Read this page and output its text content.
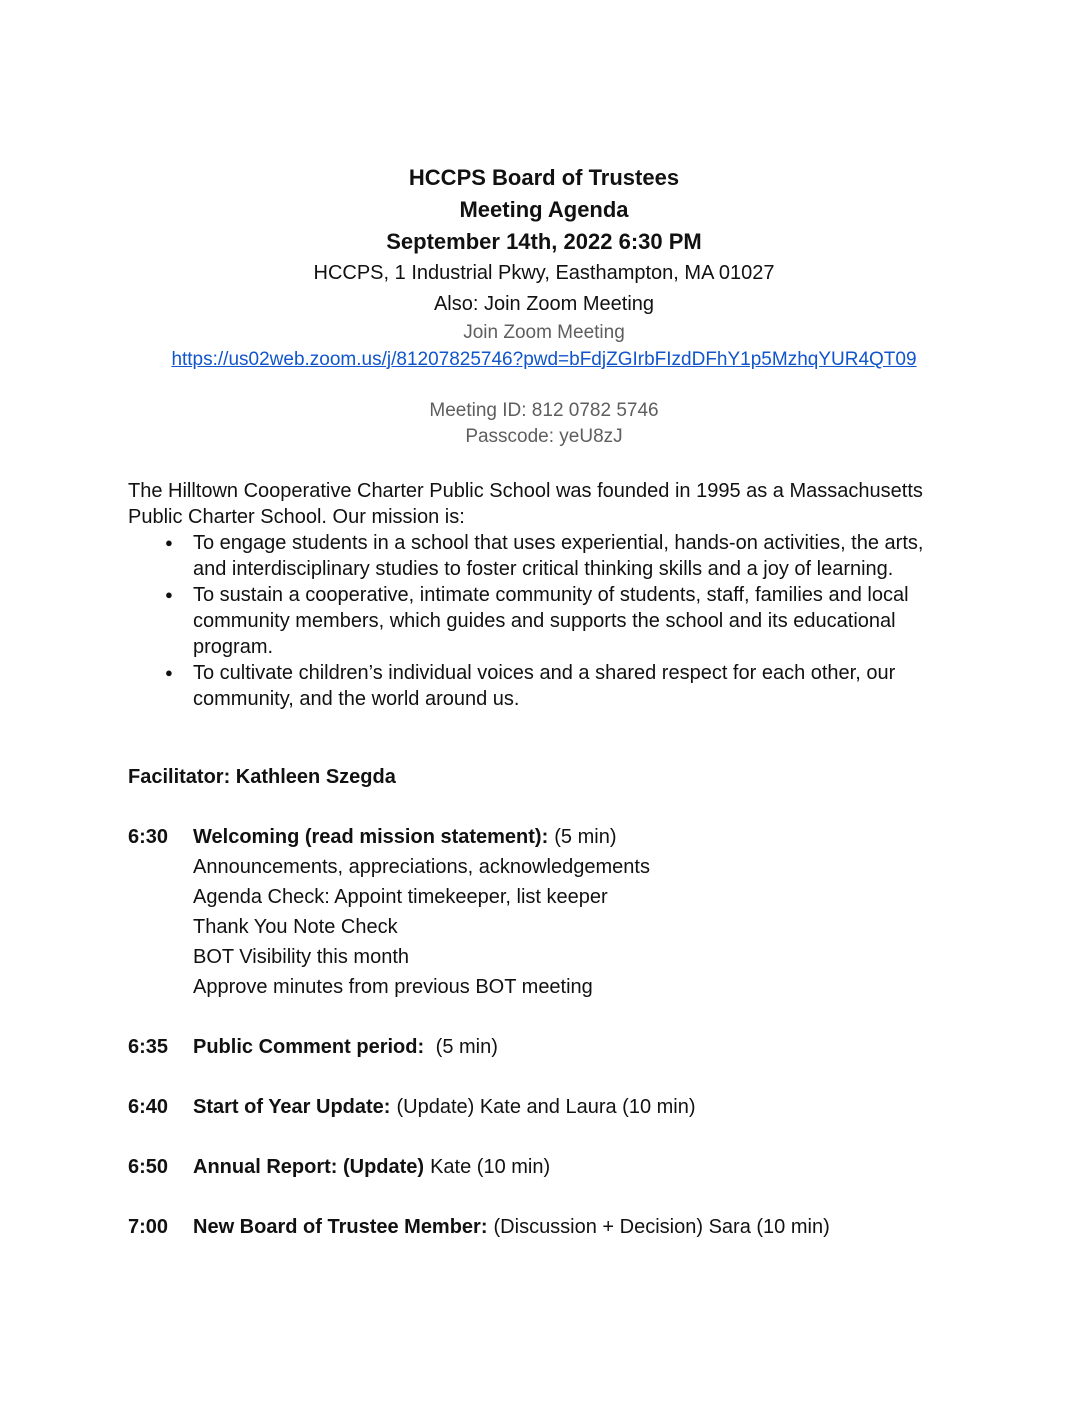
HCCPS Board of Trustees
Meeting Agenda
September 14th, 2022 6:30 PM
HCCPS, 1 Industrial Pkwy, Easthampton, MA 01027
Also: Join Zoom Meeting
Join Zoom Meeting
https://us02web.zoom.us/j/81207825746?pwd=bFdjZGIrbFIzdDFhY1p5MzhqYUR4QT09
Meeting ID: 812 0782 5746
Passcode: yeU8zJ
The Hilltown Cooperative Charter Public School was founded in 1995 as a Massachusetts Public Charter School. Our mission is:
● To engage students in a school that uses experiential, hands-on activities, the arts, and interdisciplinary studies to foster critical thinking skills and a joy of learning.
● To sustain a cooperative, intimate community of students, staff, families and local community members, which guides and supports the school and its educational program.
● To cultivate children’s individual voices and a shared respect for each other, our community, and the world around us.
Facilitator: Kathleen Szegda
6:30	Welcoming (read mission statement): (5 min)
Announcements, appreciations, acknowledgements
Agenda Check: Appoint timekeeper, list keeper
Thank You Note Check
BOT Visibility this month
Approve minutes from previous BOT meeting
6:35	Public Comment period: (5 min)
6:40	Start of Year Update: (Update) Kate and Laura (10 min)
6:50	Annual Report: (Update) Kate (10 min)
7:00	New Board of Trustee Member: (Discussion + Decision) Sara (10 min)
